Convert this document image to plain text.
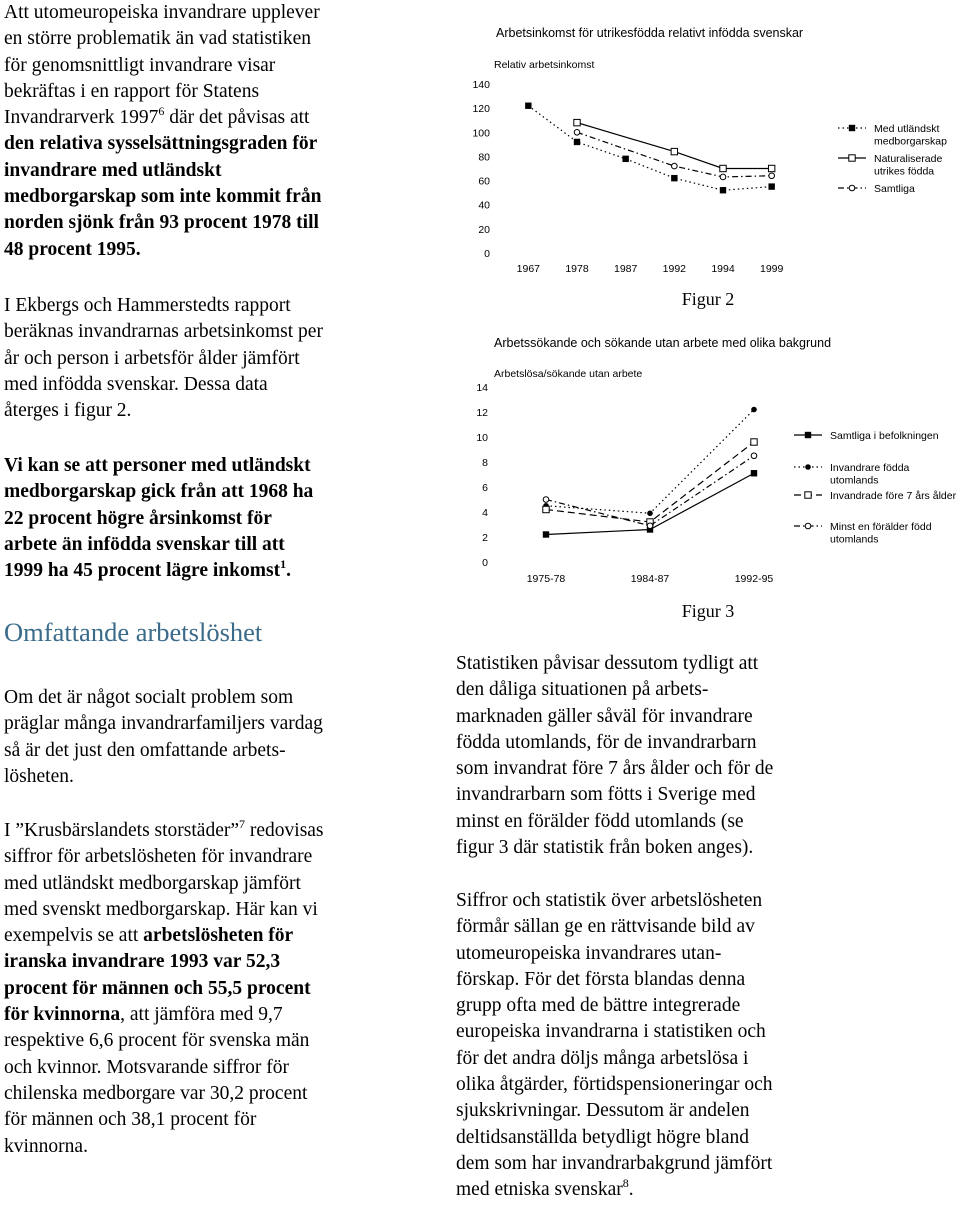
Att utomeuropeiska invandrare upplever
en större problematik än vad statistiken
för genomsnittligt invandrare visar
bekräftas i en rapport för Statens
Invandrarverk 1997$^6$ där det påvisas att
den relativa sysselsättningsgraden för
invandrare med utländskt
medborgarskap som inte kommit från
norden sjönk från 93 procent 1978 till
48 procent 1995.
I Ekbergs och Hammerstedts rapport
beräknas invandrarnas arbetsinkomst per
år och person i arbetsför ålder jämfört
med infödda svenskar. Dessa data
återges i figur 2.
Vi kan se att personer med utländskt
medborgarskap gick från att 1968 ha
22 procent högre årsinkomst för
arbete än infödda svenskar till att
1999 ha 45 procent lägre inkomst$^1$.
Omfattande arbetslöshet
Om det är något socialt problem som
präglar många invandrarfamiljers vardag
så är det just den omfattande arbets-
lösheten.
I ”Krusbärslandets storstäder”$^7$ redovisas
siffror för arbetslösheten för invandrare
med utländskt medborgarskap jämfört
med svenskt medborgarskap. Här kan vi
exempelvis se att arbetslösheten för
iranska invandrare 1993 var 52,3
procent för männen och 55,5 procent
för kvinnorna, att jämföra med 9,7
respektive 6,6 procent för svenska män
och kvinnor. Motsvarande siffror för
chilenska medborgare var 30,2 procent
för männen och 38,1 procent för
kvinnorna.
Arbetsinkomst för utrikesfödda relativt infödda svenskar
Relativ arbetsinkomst
0
20
40
60
80
100
120
140
1967 1978 1987 1992 1994 1999
Med utländskt
medborgarskap
Naturaliserade
utrikes födda
Samtliga

Figur 2

Arbetssökande och sökande utan arbete med olika bakgrund
Arbetslösa/sökande utan arbete
0
2
4
6
8
10
12
14
1975-78	1984-87	1992-95
Samtliga i befolkningen
Invandrare födda
utomlands
Invandrade före 7 års ålder
Minst en förälder född
utomlands

Figur 3

Statistiken påvisar dessutom tydligt att
den dåliga situationen på arbets-
marknaden gäller såväl för invandrare
födda utomlands, för de invandrarbarn
som invandrat före 7 års ålder och för de
invandrarbarn som fötts i Sverige med
minst en förälder född utomlands (se
figur 3 där statistik från boken anges).
Siffror och statistik över arbetslösheten
förmår sällan ge en rättvisande bild av
utomeuropeiska invandrares utan-
förskap. För det första blandas denna
grupp ofta med de bättre integrerade
europeiska invandrarna i statistiken och
för det andra döljs många arbetslösa i
olika åtgärder, förtidspensioneringar och
sjukskrivningar. Dessutom är andelen
deltidsanställda betydligt högre bland
dem som har invandrarbakgrund jämfört
med etniska svenskar$^8$.
